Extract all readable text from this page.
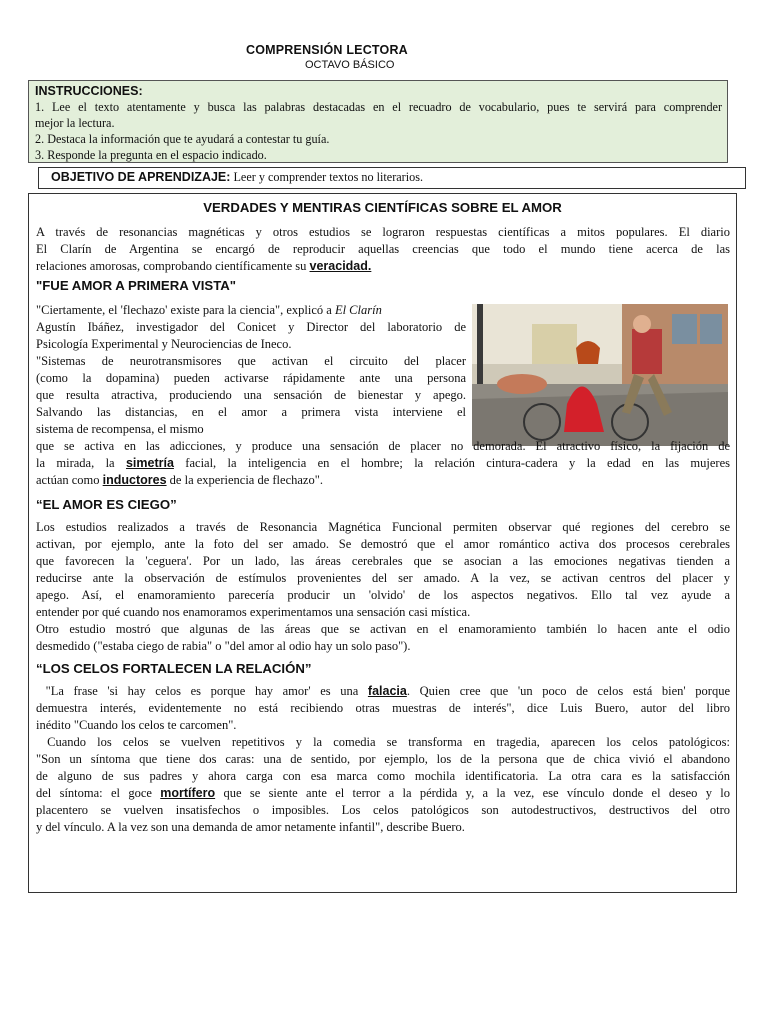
COMPRENSIÓN LECTORA
OCTAVO BÁSICO
INSTRUCCIONES:
1. Lee el texto atentamente y busca las palabras destacadas en el recuadro de vocabulario, pues te servirá para comprender
mejor la lectura.
2. Destaca la información que te ayudará a contestar tu guía.
3. Responde la pregunta en el espacio indicado.
OBJETIVO DE APRENDIZAJE: Leer y comprender textos no literarios.
VERDADES Y MENTIRAS CIENTÍFICAS SOBRE EL AMOR
A través de resonancias magnéticas y otros estudios se lograron respuestas científicas a mitos populares. El diario
El Clarín de Argentina se encargó de reproducir aquellas creencias que todo el mundo tiene acerca de las
relaciones amorosas, comprobando científicamente su veracidad.
"FUE AMOR A PRIMERA VISTA"
"Ciertamente, el 'flechazo' existe para la ciencia", explicó a El Clarín
Agustín Ibáñez, investigador del Conicet y Director del laboratorio de
Psicología Experimental y Neurociencias de Ineco.
"Sistemas de neurotransmisores que activan el circuito del placer
(como la dopamina) pueden activarse rápidamente ante una persona
que resulta atractiva, produciendo una sensación de bienestar y apego.
Salvando las distancias, en el amor a primera vista interviene el
sistema de recompensa, el mismo
que se activa en las adicciones, y produce una sensación de placer no demorada. El atractivo físico, la fijación de
la mirada, la simetría facial, la inteligencia en el hombre; la relación cintura-cadera y la edad en las mujeres
actúan como inductores de la experiencia de flechazo".
“EL AMOR ES CIEGO”
Los estudios realizados a través de Resonancia Magnética Funcional permiten observar qué regiones del cerebro se
activan, por ejemplo, ante la foto del ser amado. Se demostró que el amor romántico activa dos procesos cerebrales
que favorecen la 'ceguera'. Por un lado, las áreas cerebrales que se asocian a las emociones negativas tienden a
reducirse ante la observación de estímulos provenientes del ser amado. A la vez, se activan centros del placer y
apego. Así, el enamoramiento parecería producir un 'olvido' de los aspectos negativos. Ello tal vez ayude a
entender por qué cuando nos enamoramos experimentamos una sensación casi mística.
Otro estudio mostró que algunas de las áreas que se activan en el enamoramiento también lo hacen ante el odio
desmedido ("estaba ciego de rabia" o "del amor al odio hay un solo paso").
“LOS CELOS FORTALECEN LA RELACIÓN”
"La frase 'si hay celos es porque hay amor' es una falacia. Quien cree que 'un poco de celos está bien' porque
demuestra interés, evidentemente no está recibiendo otras muestras de interés", dice Luis Buero, autor del libro
inédito "Cuando los celos te carcomen".
Cuando los celos se vuelven repetitivos y la comedia se transforma en tragedia, aparecen los celos patológicos:
"Son un síntoma que tiene dos caras: una de sentido, por ejemplo, los de la persona que de chica vivió el abandono
de alguno de sus padres y ahora carga con esa marca como mochila identificatoria. La otra cara es la satisfacción
del síntoma: el goce mortífero que se siente ante el terror a la pérdida y, a la vez, ese vínculo donde el deseo y lo
placentero se vuelven insatisfechos o imposibles. Los celos patológicos son autodestructivos, destructivos del otro
y del vínculo. A la vez son una demanda de amor netamente infantil", describe Buero.
